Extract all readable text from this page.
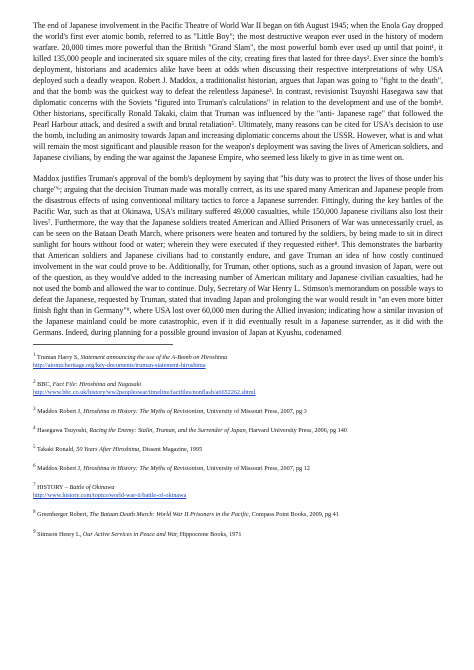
The end of Japanese involvement in the Pacific Theatre of World War II began on 6th August 1945; when the Enola Gay dropped the world's first ever atomic bomb, referred to as "Little Boy"; the most destructive weapon ever used in the history of modern warfare. 20,000 times more powerful than the British "Grand Slam", the most powerful bomb ever used up until that point¹, it killed 135,000 people and incinerated six square miles of the city, creating fires that lasted for three days². Ever since the bomb's deployment, historians and academics alike have been at odds when discussing their respective interpretations of why USA deployed such a deadly weapon. Robert J. Maddox, a traditionalist historian, argues that Japan was going to "fight to the death", and that the bomb was the quickest way to defeat the relentless Japanese³. In contrast, revisionist Tsuyoshi Hasegawa saw that diplomatic concerns with the Soviets "figured into Truman's calculations" in relation to the development and use of the bomb⁴. Other historians, specifically Ronald Takaki, claim that Truman was influenced by the "anti- Japanese rage" that followed the Pearl Harbour attack, and desired a swift and brutal retaliation⁵. Ultimately, many reasons can be cited for USA's decision to use the bomb, including an animosity towards Japan and increasing diplomatic concerns about the USSR. However, what is and what will remain the most significant and plausible reason for the weapon's deployment was saving the lives of American soldiers, and Japanese civilians, by ending the war against the Japanese Empire, who seemed less likely to give in as time went on.

Maddox justifies Truman's approval of the bomb's deployment by saying that "his duty was to protect the lives of those under his charge"⁶; arguing that the decision Truman made was morally correct, as its use spared many American and Japanese people from the disastrous effects of using conventional military tactics to force a Japanese surrender. Fittingly, during the key battles of the Pacific War, such as that at Okinawa, USA's military suffered 49,000 casualties, while 150,000 Japanese civilians also lost their lives⁷. Furthermore, the way that the Japanese soldiers treated American and Allied Prisoners of War was unnecessarily cruel, as can be seen on the Bataan Death March, where prisoners were beaten and tortured by the soldiers, by being made to sit in direct sunlight for hours without food or water; wherein they were executed if they requested either⁸. This demonstrates the barbarity that American soldiers and Japanese civilians had to constantly endure, and gave Truman an idea of how costly continued involvement in the war could prove to be. Additionally, for Truman, other options, such as a ground invasion of Japan, were out of the question, as they would've added to the increasing number of American military and Japanese civilian casualties, had he not used the bomb and allowed the war to continue. Duly, Secretary of War Henry L. Stimson's memorandum on possible ways to defeat the Japanese, requested by Truman, stated that invading Japan and prolonging the war would result in "an even more bitter finish fight than in Germany"⁹, where USA lost over 60,000 men during the Allied invasion; indicating how a similar invasion of the Japanese mainland could be more catastrophic, even if it did eventually result in a Japanese surrender, as it did with the Germans. Indeed, during planning for a possible ground invasion of Japan at Kyushu, codenamed

$^1$ Truman Harry S, Statement announcing the use of the A-Bomb on Hiroshima
http://atomicheritage.org/key-documents/truman-statement-hiroshima

$^2$ BBC, Fact File: Hiroshima and Nagasaki
http://www.bbc.co.uk/history/ww2peopleswar/timeline/factfiles/nonflash/a6652262.shtml

$^3$ Maddox Robert J, Hiroshima in History: The Myths of Revisionism, University of Missouri Press, 2007, pg 3

$^4$ Hasegawa Tsuyoshi, Racing the Enemy: Stalin, Truman, and the Surrender of Japan, Harvard University Press, 2006, pg 140

$^5$ Takaki Ronald, 50 Years After Hiroshima, Dissent Magazine, 1995

$^6$ Maddox Robert J, Hiroshima in History: The Myths of Revisionism, University of Missouri Press, 2007, pg 12

$^7$ HISTORY – Battle of Okinawa
http://www.history.com/topics/world-war-ii/battle-of-okinawa

$^8$ Greenberger Robert, The Bataan Death March: World War II Prisoners in the Pacific, Compass Point Books, 2009, pg 41

$^9$ Stimson Henry L, Our Active Services in Peace and War, Hippocrene Books, 1971
